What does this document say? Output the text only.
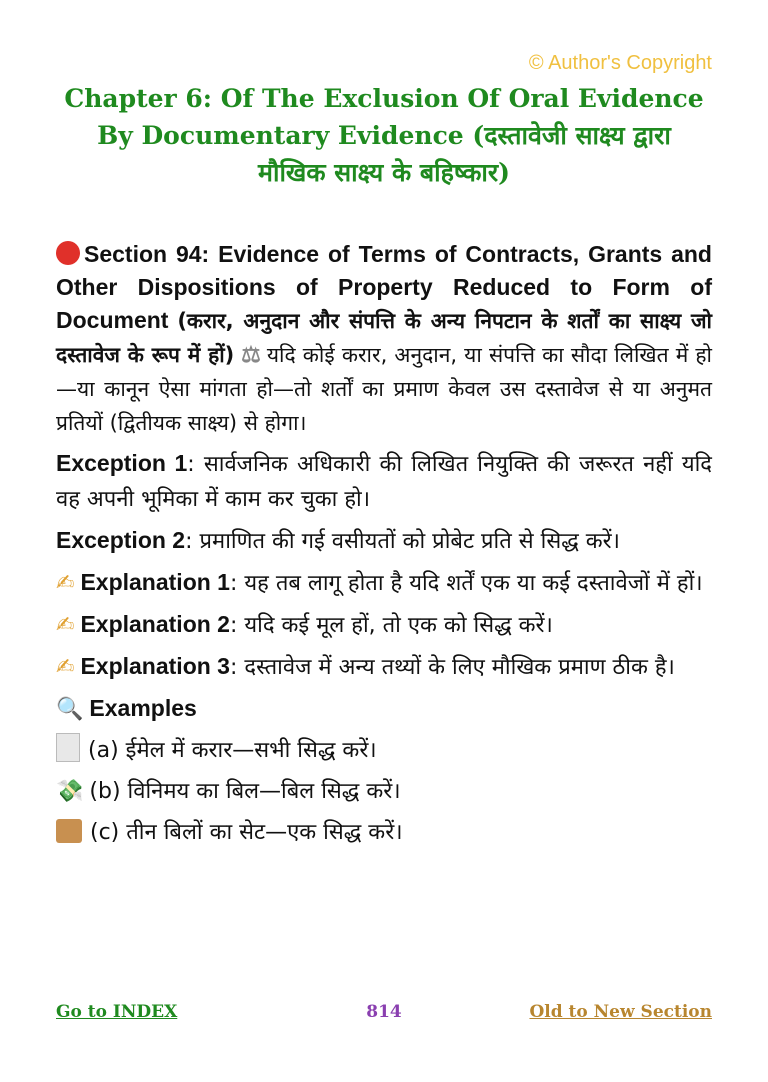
© Author's Copyright
Chapter 6: Of The Exclusion Of Oral Evidence
By Documentary Evidence (दस्तावेजी साक्ष्य द्वारा
मौखिक साक्ष्य के बहिष्कार)
Section 94: Evidence of Terms of Contracts, Grants and Other Dispositions of Property Reduced to Form of Document (करार, अनुदान और संपत्ति के अन्य निपटान के शर्तों का साक्ष्य जो दस्तावेज के रूप में हों) ⚖ यदि कोई करार, अनुदान, या संपत्ति का सौदा लिखित में हो—या कानून ऐसा मांगता हो—तो शर्तों का प्रमाण केवल उस दस्तावेज से या अनुमत प्रतियों (द्वितीयक साक्ष्य) से होगा।
Exception 1: सार्वजनिक अधिकारी की लिखित नियुक्ति की जरूरत नहीं यदि वह अपनी भूमिका में काम कर चुका हो।
Exception 2: प्रमाणित की गई वसीयतों को प्रोबेट प्रति से सिद्ध करें।
✍ Explanation 1: यह तब लागू होता है यदि शर्तें एक या कई दस्तावेजों में हों।
✍ Explanation 2: यदि कई मूल हों, तो एक को सिद्ध करें।
✍ Explanation 3: दस्तावेज में अन्य तथ्यों के लिए मौखिक प्रमाण ठीक है।
🔍 Examples
(a) ईमेल में करार—सभी सिद्ध करें।
💸 (b) विनिमय का बिल—बिल सिद्ध करें।
(c) तीन बिलों का सेट—एक सिद्ध करें।
Go to INDEX	814	Old to New Section
